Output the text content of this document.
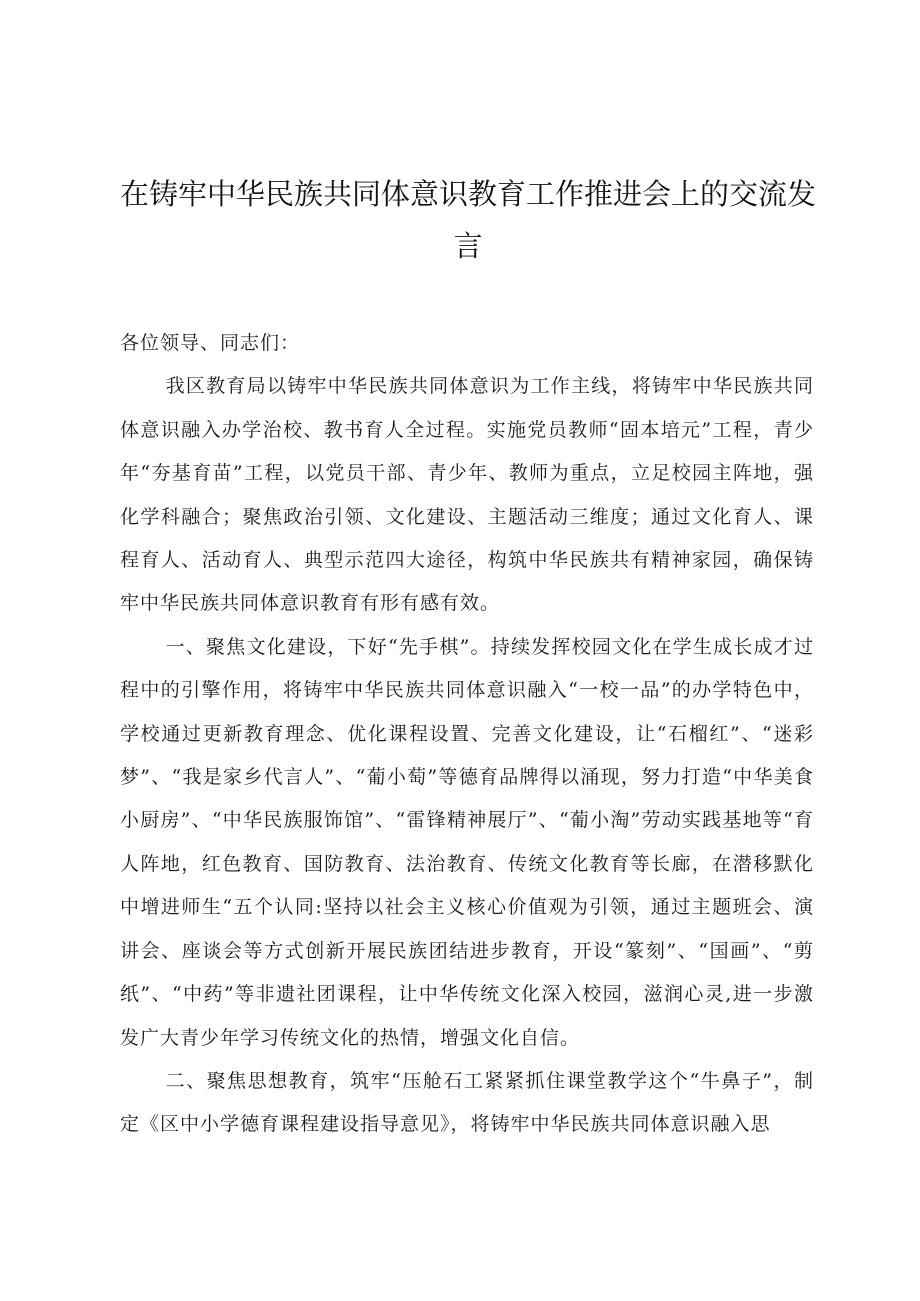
在铸牢中华民族共同体意识教育工作推进会上的交流发言

各位领导、同志们：

我区教育局以铸牢中华民族共同体意识为工作主线，将铸牢中华民族共同体意识融入办学治校、教书育人全过程。实施党员教师“固本培元”工程，青少年“夯基育苗”工程，以党员干部、青少年、教师为重点，立足校园主阵地，强化学科融合；聚焦政治引领、文化建设、主题活动三维度；通过文化育人、课程育人、活动育人、典型示范四大途径，构筑中华民族共有精神家园，确保铸牢中华民族共同体意识教育有形有感有效。

一、聚焦文化建设，下好“先手棋”。持续发挥校园文化在学生成长成才过程中的引擎作用，将铸牢中华民族共同体意识融入“一校一品”的办学特色中，学校通过更新教育理念、优化课程设置、完善文化建设，让“石榴红”、“迷彩梦”、“我是家乡代言人”、“葡小萄”等德育品牌得以涌现，努力打造“中华美食小厨房”、“中华民族服饰馆”、“雷锋精神展厅”、“葡小淘”劳动实践基地等“育人阵地，红色教育、国防教育、法治教育、传统文化教育等长廊，在潜移默化中增进师生“五个认同:坚持以社会主义核心价值观为引领，通过主题班会、演讲会、座谈会等方式创新开展民族团结进步教育，开设“篆刻”、“国画”、“剪纸”、“中药”等非遗社团课程，让中华传统文化深入校园，滋润心灵,进一步激发广大青少年学习传统文化的热情，增强文化自信。

二、聚焦思想教育，筑牢“压舱石工紧紧抓住课堂教学这个“牛鼻子”，制定《区中小学德育课程建设指导意见》，将铸牢中华民族共同体意识融入思
